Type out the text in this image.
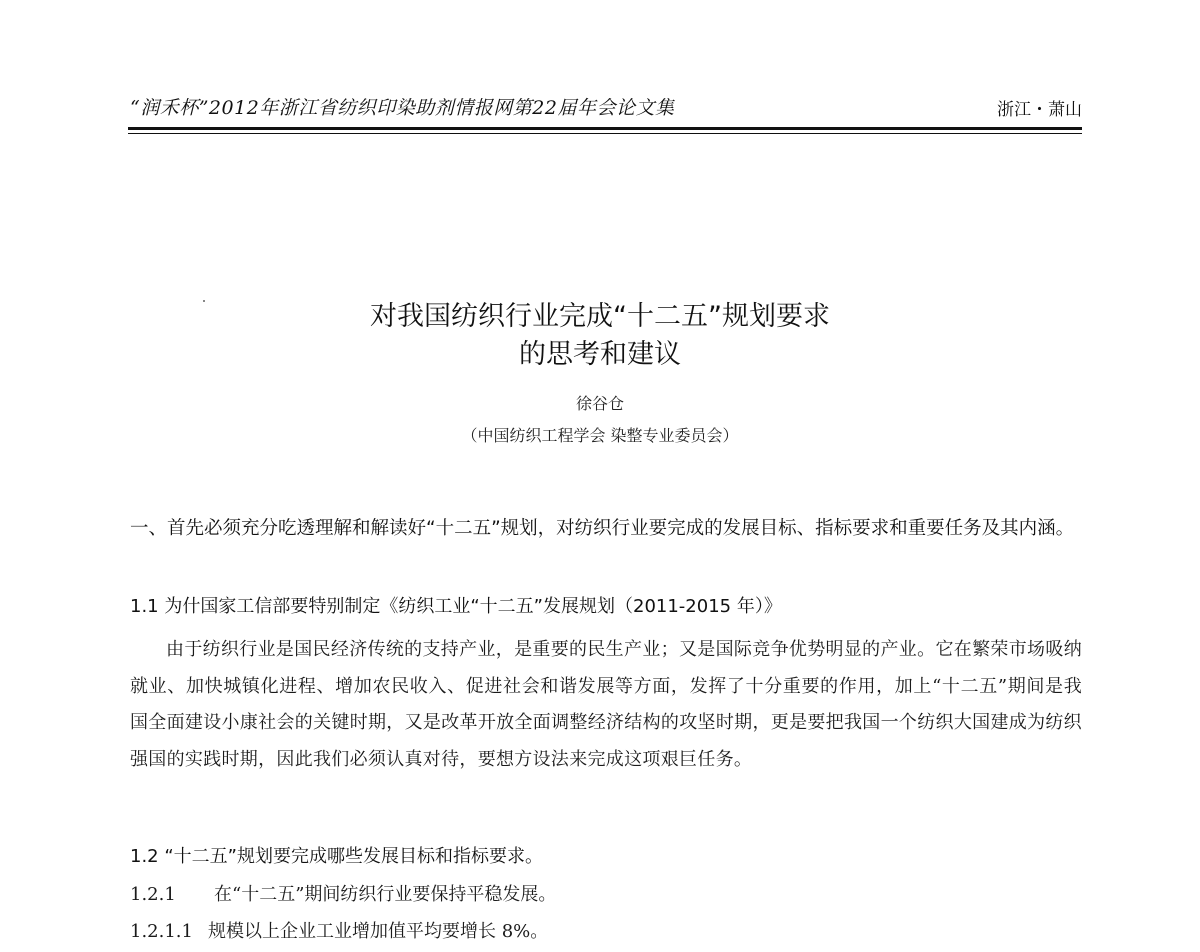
“润禾杯”2012年浙江省纺织印染助剂情报网第22届年会论文集	浙江・萧山
对我国纺织行业完成“十二五”规划要求
的思考和建议
徐谷仓
（中国纺织工程学会 染整专业委员会）
一、首先必须充分吃透理解和解读好“十二五”规划，对纺织行业要完成的发展目标、指标要求和重要任务及其内涵。
1.1 为什国家工信部要特别制定《纺织工业“十二五”发展规划（2011-2015 年）》

由于纺织行业是国民经济传统的支持产业，是重要的民生产业；又是国际竞争优势明显的产业。它在繁荣市场吸纳就业、加快城镇化进程、增加农民收入、促进社会和谐发展等方面，发挥了十分重要的作用，加上“十二五”期间是我国全面建设小康社会的关键时期，又是改革开放全面调整经济结构的攻坚时期，更是要把我国一个纺织大国建成为纺织强国的实践时期，因此我们必须认真对待，要想方设法来完成这项艰巨任务。

1.2 “十二五”规划要完成哪些发展目标和指标要求。
1.2.1 在“十二五”期间纺织行业要保持平稳发展。
1.2.1.1 规模以上企业工业增加值平均要增长 8%。
